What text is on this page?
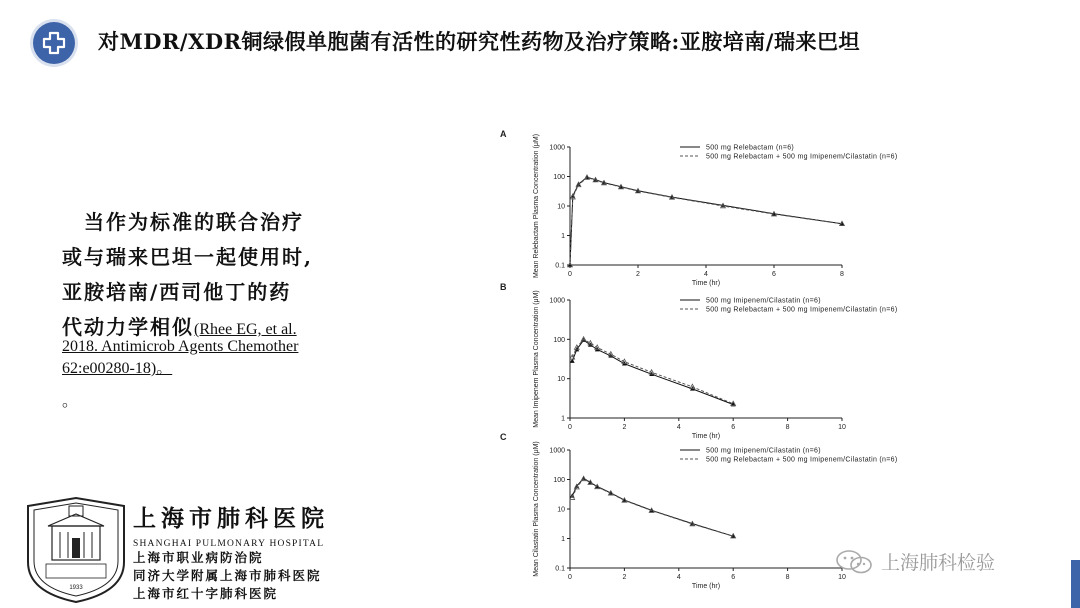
对MDR/XDR铜绿假单胞菌有活性的研究性药物及治疗策略:亚胺培南/瑞来巴坦
当作为标准的联合治疗
或与瑞来巴坦一起使用时,
亚胺培南/西司他丁的药
代动力学相似(Rhee EG, et al.
2018. Antimicrob Agents Chemother
62:e00280-18)。
。
A
0.1
1
10
100
1000
0	2	4	6	8
Time (hr)
Mean Relebactam Plasma Concentration (μM)	500 mg Relebactam (n=6)
500 mg Relebactam + 500 mg Imipenem/Cilastatin (n=6)
B
1
10
100
1000
0	2	4	6	8	10
Time (hr)
Mean Imipenem Plasma Concentration (μM)	500 mg Imipenem/Cilastatin (n=6)
500 mg Relebactam + 500 mg Imipenem/Cilastatin (n=6)
C
0.1
1
10
100
1000
0	2	4	6	8	10
Time (hr)
Mean Cilastatin Plasma Concentration (μM)	500 mg Imipenem/Cilastatin (n=6)
500 mg Relebactam + 500 mg Imipenem/Cilastatin (n=6)
1933
上海市肺科医院
SHANGHAI PULMONARY HOSPITAL
上海市职业病防治院
同济大学附属上海市肺科医院
上海市红十字肺科医院
上海肺科检验
